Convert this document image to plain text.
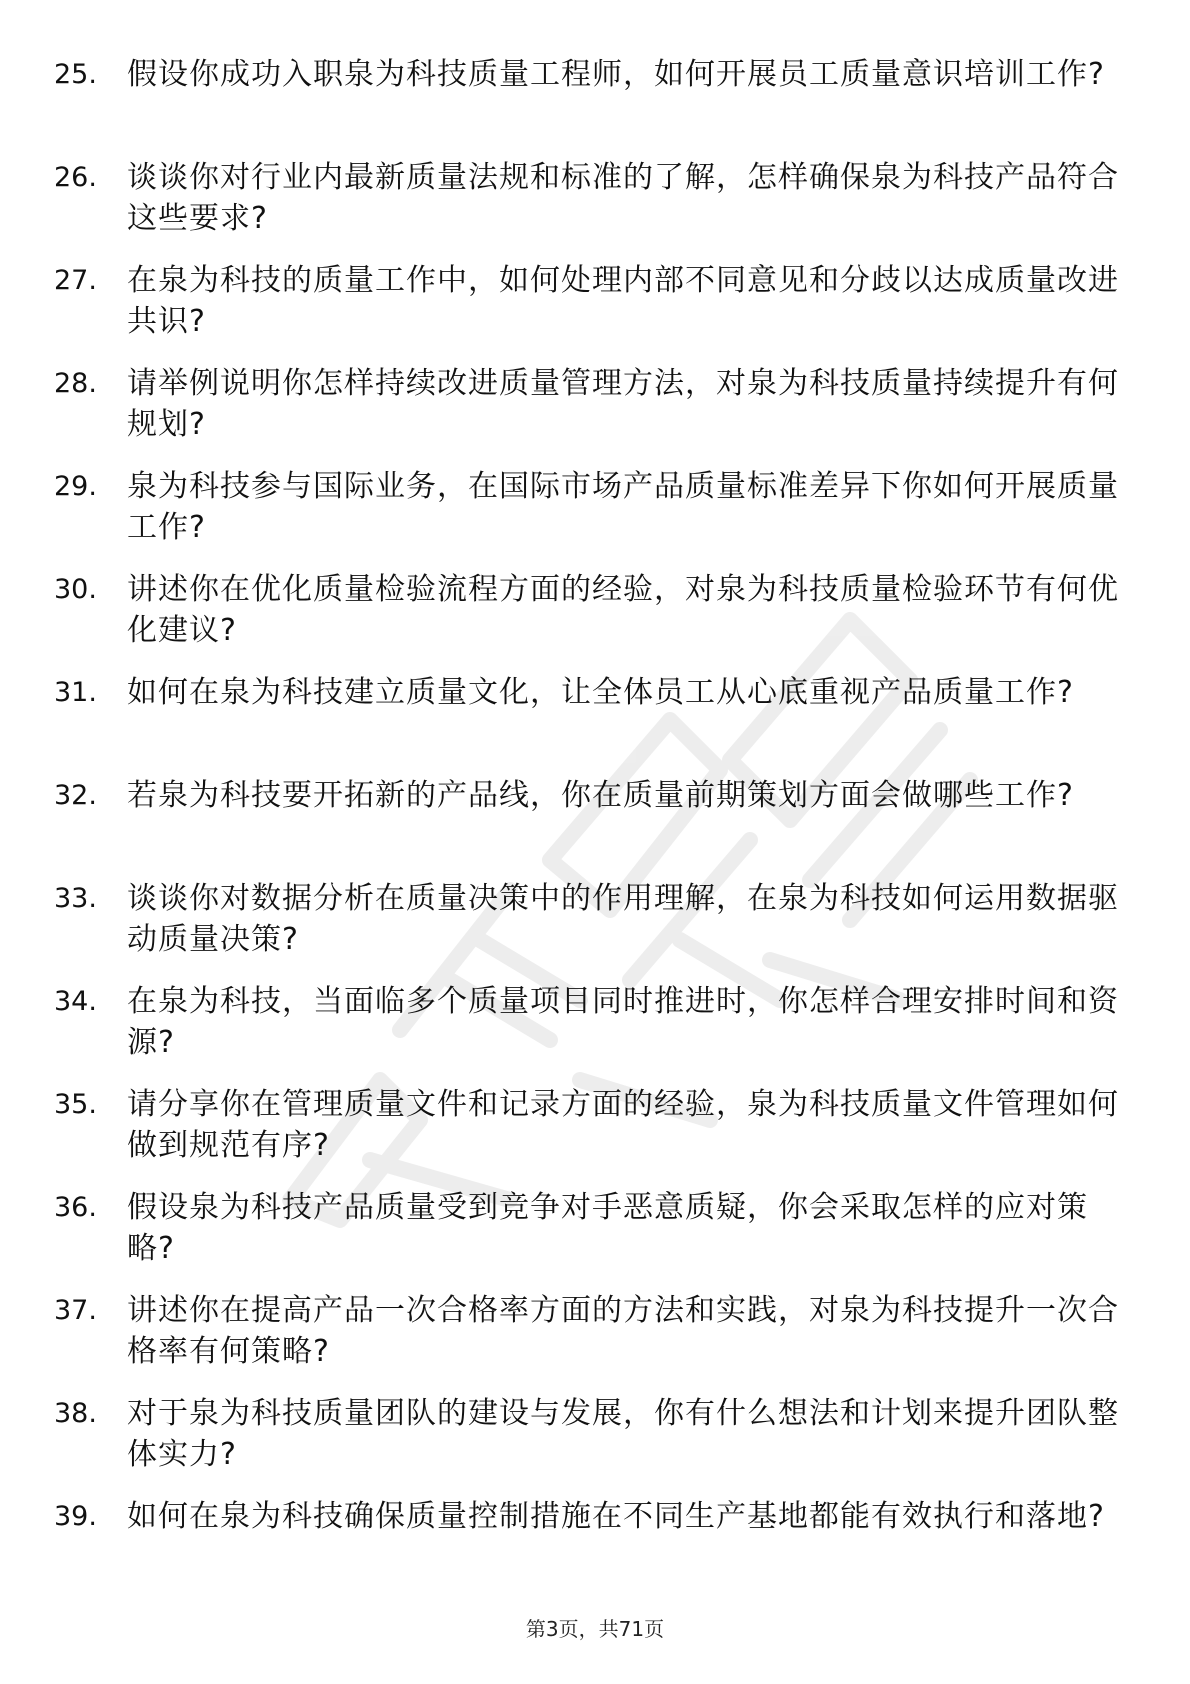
25.	假设你成功入职泉为科技质量工程师，如何开展员工质量意识培训工作?
26.	谈谈你对行业内最新质量法规和标准的了解，怎样确保泉为科技产品符合这些要求?
27.	在泉为科技的质量工作中，如何处理内部不同意见和分歧以达成质量改进共识?
28.	请举例说明你怎样持续改进质量管理方法，对泉为科技质量持续提升有何规划?
29.	泉为科技参与国际业务，在国际市场产品质量标准差异下你如何开展质量工作?
30.	讲述你在优化质量检验流程方面的经验，对泉为科技质量检验环节有何优化建议?
31.	如何在泉为科技建立质量文化，让全体员工从心底重视产品质量工作?
32.	若泉为科技要开拓新的产品线，你在质量前期策划方面会做哪些工作?
33.	谈谈你对数据分析在质量决策中的作用理解，在泉为科技如何运用数据驱动质量决策?
34.	在泉为科技，当面临多个质量项目同时推进时，你怎样合理安排时间和资源?
35.	请分享你在管理质量文件和记录方面的经验，泉为科技质量文件管理如何做到规范有序?
36.	假设泉为科技产品质量受到竞争对手恶意质疑，你会采取怎样的应对策略?
37.	讲述你在提高产品一次合格率方面的方法和实践，对泉为科技提升一次合格率有何策略?
38.	对于泉为科技质量团队的建设与发展，你有什么想法和计划来提升团队整体实力?
39.	如何在泉为科技确保质量控制措施在不同生产基地都能有效执行和落地?
第3页，共71页
